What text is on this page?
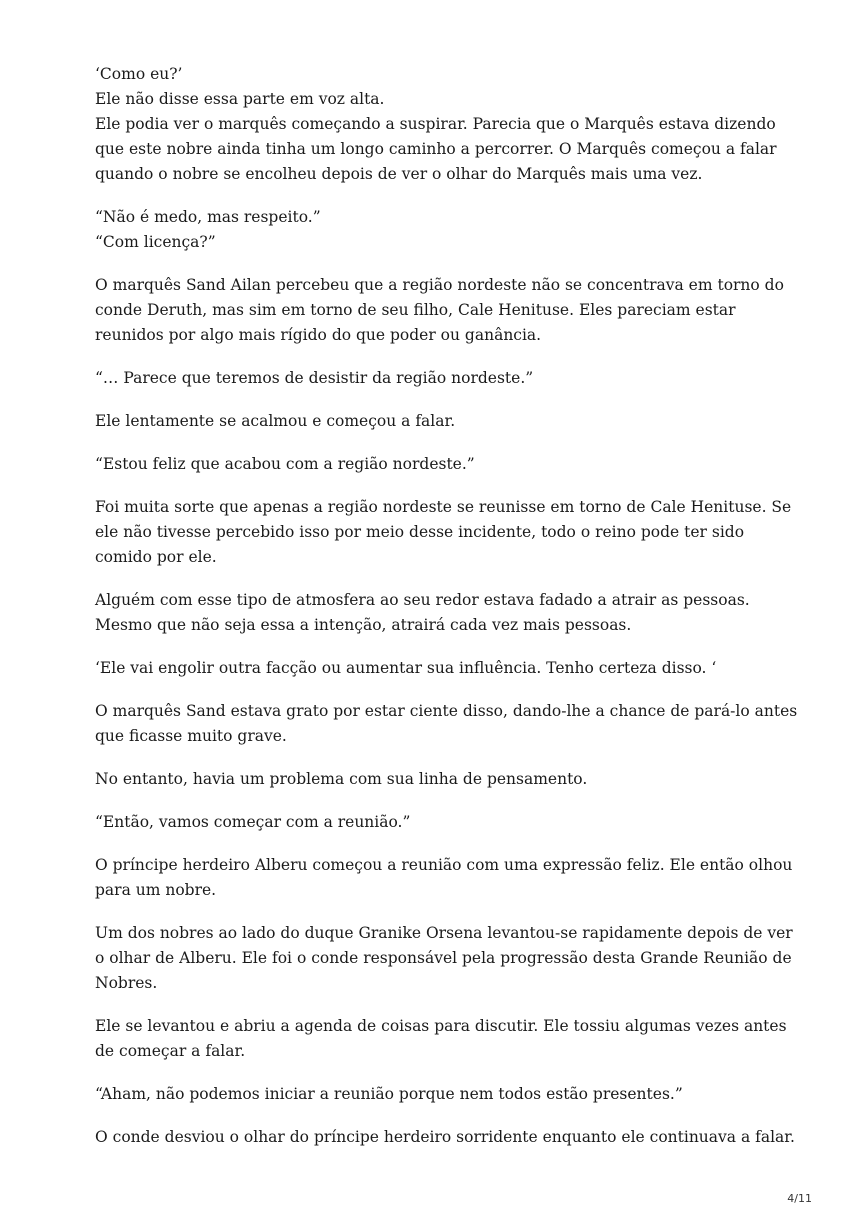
‘Como eu?’
Ele não disse essa parte em voz alta.
Ele podia ver o marquês começando a suspirar. Parecia que o Marquês estava dizendo
que este nobre ainda tinha um longo caminho a percorrer. O Marquês começou a falar
quando o nobre se encolheu depois de ver o olhar do Marquês mais uma vez.

“Não é medo, mas respeito.”
“Com licença?”

O marquês Sand Ailan percebeu que a região nordeste não se concentrava em torno do
conde Deruth, mas sim em torno de seu filho, Cale Henituse. Eles pareciam estar
reunidos por algo mais rígido do que poder ou ganância.

“… Parece que teremos de desistir da região nordeste.”

Ele lentamente se acalmou e começou a falar.

“Estou feliz que acabou com a região nordeste.”

Foi muita sorte que apenas a região nordeste se reunisse em torno de Cale Henituse. Se
ele não tivesse percebido isso por meio desse incidente, todo o reino pode ter sido
comido por ele.

Alguém com esse tipo de atmosfera ao seu redor estava fadado a atrair as pessoas.
Mesmo que não seja essa a intenção, atrairá cada vez mais pessoas.

‘Ele vai engolir outra facção ou aumentar sua influência. Tenho certeza disso. ‘

O marquês Sand estava grato por estar ciente disso, dando-lhe a chance de pará-lo antes
que ficasse muito grave.

No entanto, havia um problema com sua linha de pensamento.

“Então, vamos começar com a reunião.”

O príncipe herdeiro Alberu começou a reunião com uma expressão feliz. Ele então olhou
para um nobre.

Um dos nobres ao lado do duque Granike Orsena levantou-se rapidamente depois de ver
o olhar de Alberu. Ele foi o conde responsável pela progressão desta Grande Reunião de
Nobres.

Ele se levantou e abriu a agenda de coisas para discutir. Ele tossiu algumas vezes antes
de começar a falar.

“Aham, não podemos iniciar a reunião porque nem todos estão presentes.”

O conde desviou o olhar do príncipe herdeiro sorridente enquanto ele continuava a falar.

4/11
